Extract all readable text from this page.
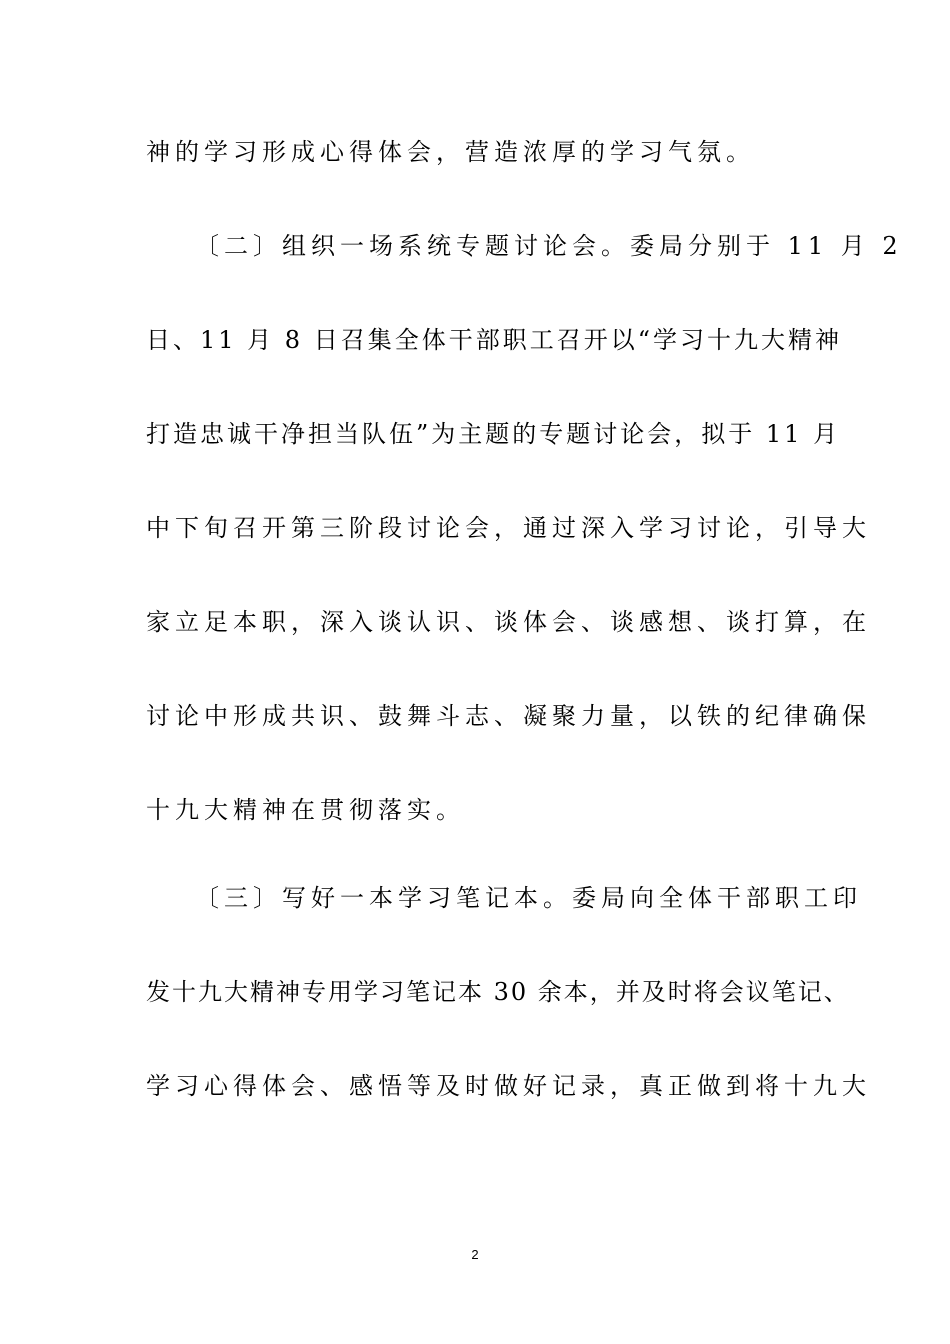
神的学习形成心得体会，营造浓厚的学习气氛。
〔二〕组织一场系统专题讨论会。委局分别于 11 月 2
日、11 月 8 日召集全体干部职工召开以“学习十九大精神
打造忠诚干净担当队伍”为主题的专题讨论会，拟于 11 月
中下旬召开第三阶段讨论会，通过深入学习讨论，引导大
家立足本职，深入谈认识、谈体会、谈感想、谈打算，在
讨论中形成共识、鼓舞斗志、凝聚力量，以铁的纪律确保
十九大精神在贯彻落实。
〔三〕写好一本学习笔记本。委局向全体干部职工印
发十九大精神专用学习笔记本 30 余本，并及时将会议笔记、
学习心得体会、感悟等及时做好记录，真正做到将十九大
2
